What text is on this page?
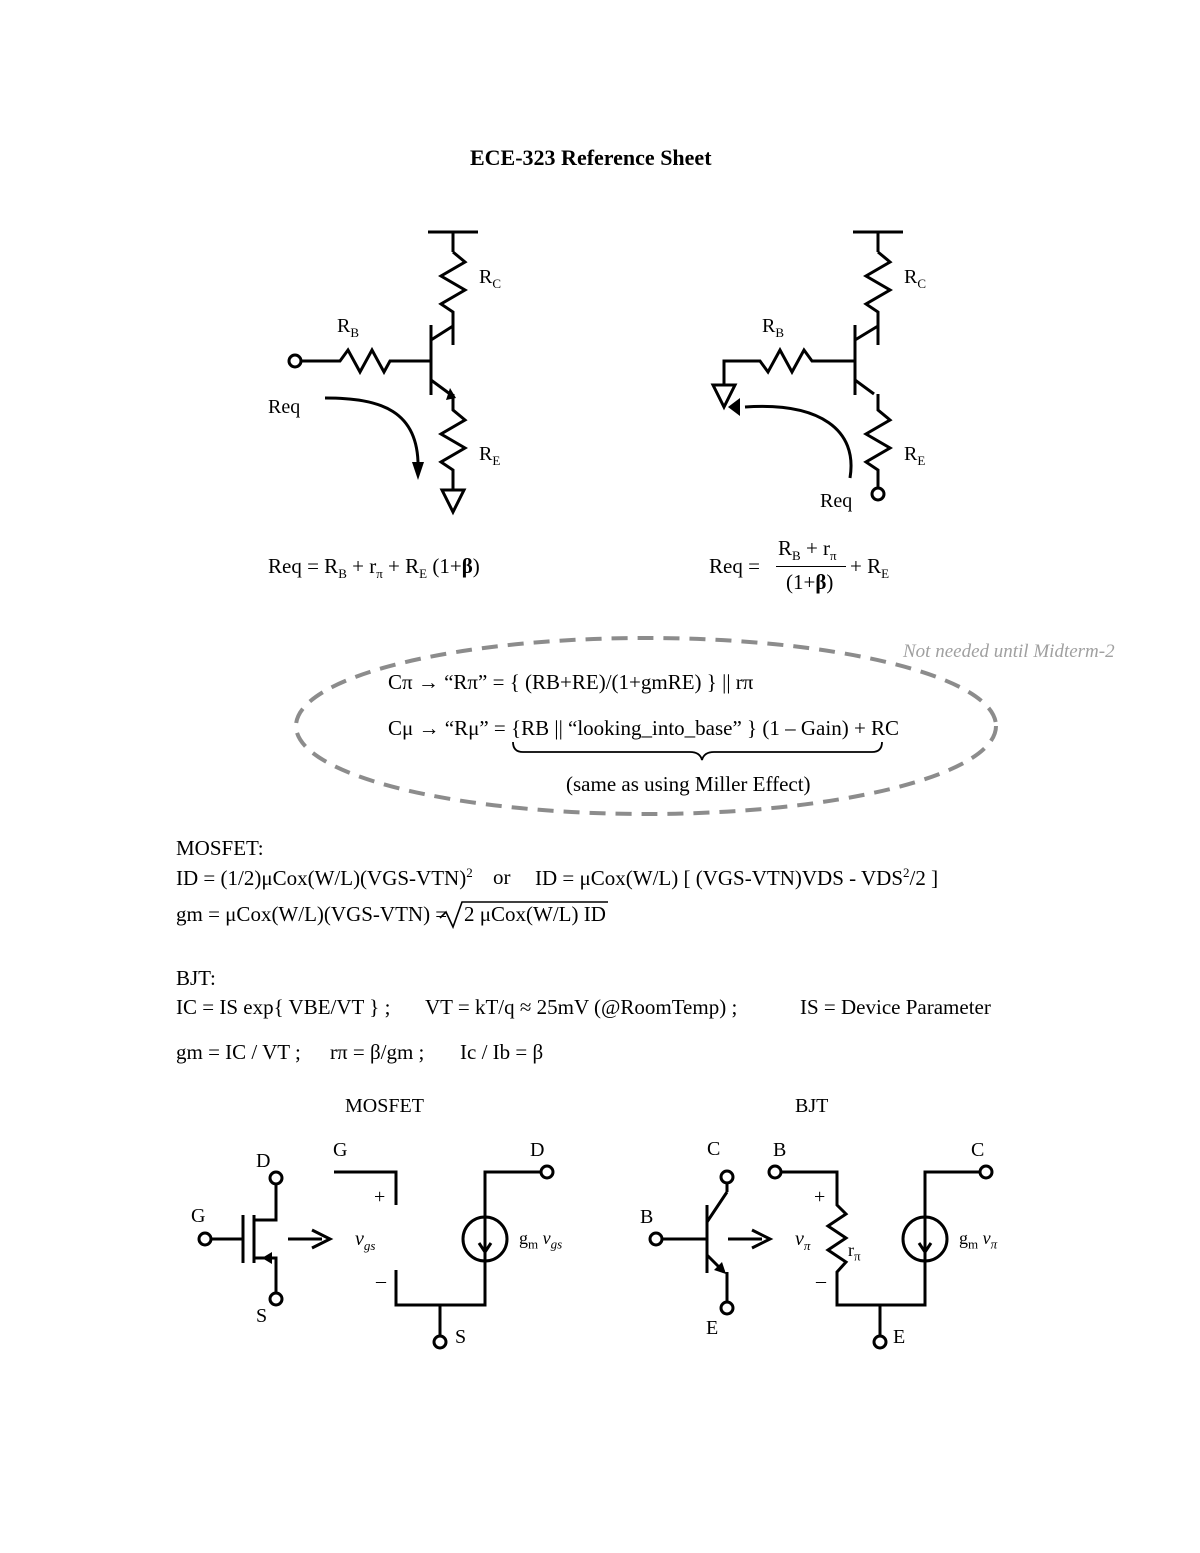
ECE-323 Reference Sheet
$R_C$
$R_B$
$R_E$
Req
$R_C$
$R_B$
$R_E$
Req
Req = $R_B + r_\pi + R_E$ (1+β)	Req =
$R_B + r_\pi$
(1+β)
+ $R_E$
Not needed until Midterm-2
Cπ → “Rπ” = { (RB+RE)/(1+gmRE) } || rπ
Cμ → “Rμ” = {RB || “looking_into_base” } (1 – Gain) + RC
(same as using Miller Effect)
MOSFET:
ID = $(1/2)\mu Cox(W/L)(VGS-VTN)^2$ or ID = μCox(W/L) [ (VGS-VTN)VDS - VDS$^2$/2 ]
gm = μCox(W/L)(VGS-VTN) = 2 μCox(W/L) ID
BJT:
IC = IS exp{ VBE/VT } ; VT = kT/q ≈ 25mV (@RoomTemp) ;	IS = Device Parameter
gm = IC / VT ; rπ = β/gm ; Ic / Ib = β
MOSFET	BJT
D
G
S
G	D
S
+
–
$v_{gs}$	$g_m$ $v_{gs}$
C
B
E
B	C
E
+
–
$v_\pi$ $r_\pi$
$g_m$ $v_\pi$
